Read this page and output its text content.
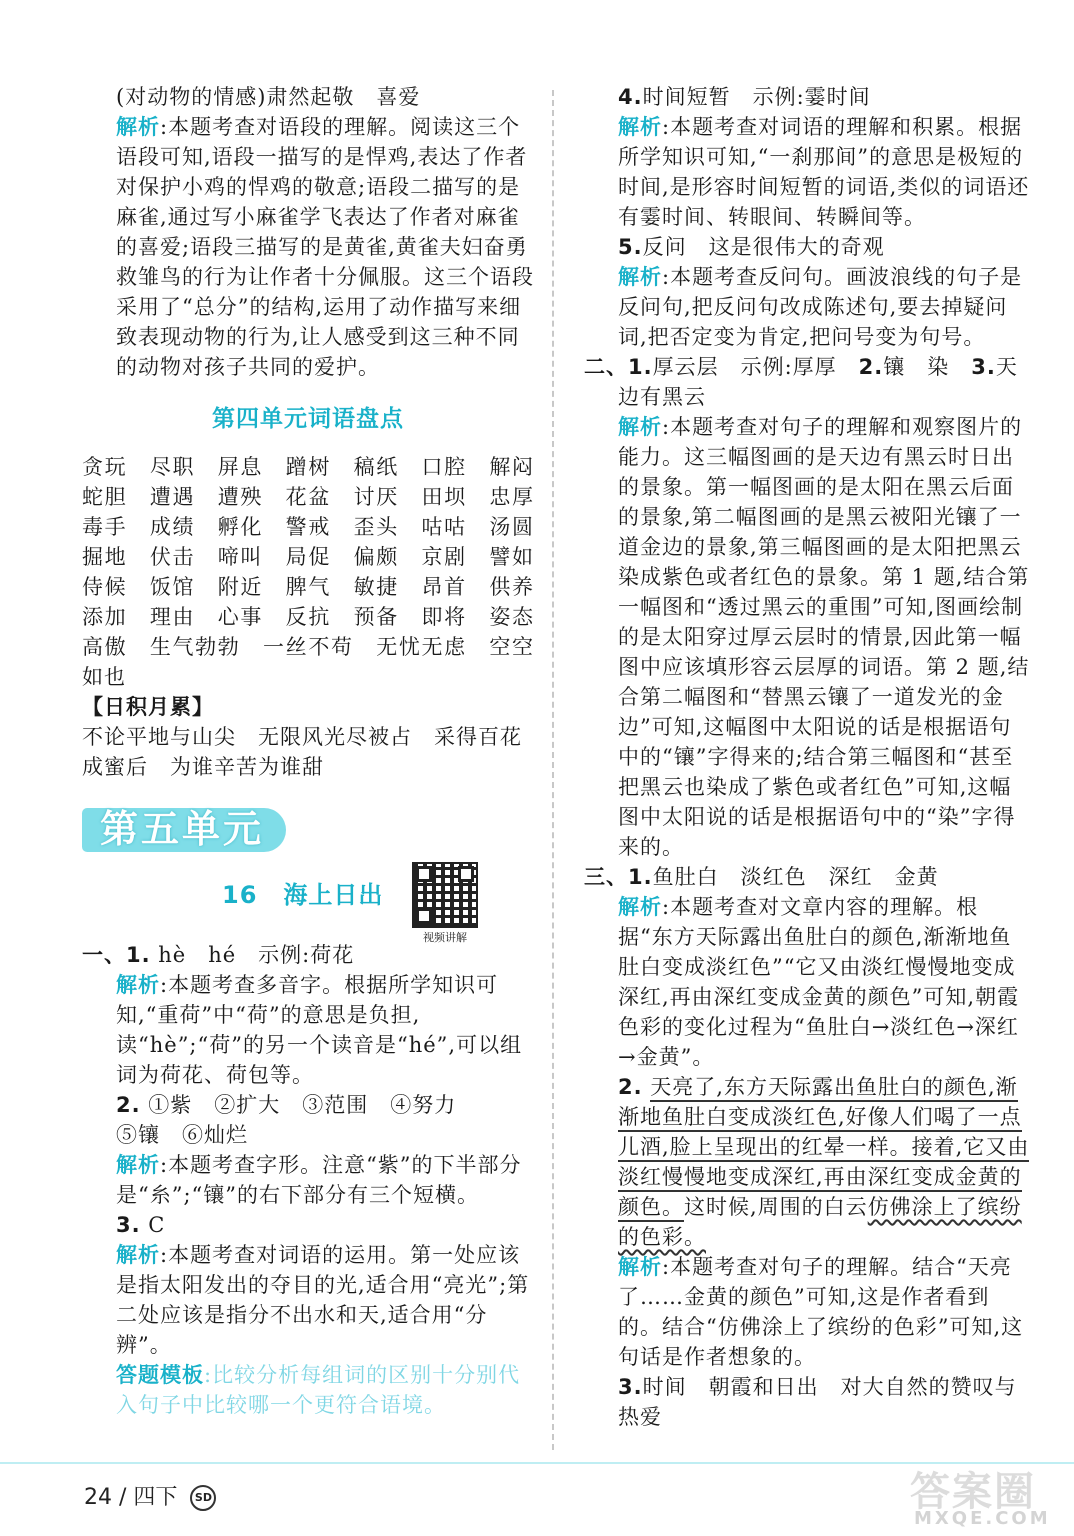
(对动物的情感)肃然起敬　喜爱

解析:本题考查对语段的理解。阅读这三个语段可知,语段一描写的是悍鸡,表达了作者对保护小鸡的悍鸡的敬意;语段二描写的是麻雀,通过写小麻雀学飞表达了作者对麻雀的喜爱;语段三描写的是黄雀,黄雀夫妇奋勇救雏鸟的行为让作者十分佩服。这三个语段采用了“总分”的结构,运用了动作描写来细致表现动物的行为,让人感受到这三种不同的动物对孩子共同的爱护。

第四单元词语盘点

贪玩　尽职　屏息　蹭树　稿纸　口腔　解闷　蛇胆　遭遇　遭殃　花盆　讨厌　田坝　忠厚　毒手　成绩　孵化　警戒　歪头　咕咕　汤圆　掘地　伏击　啼叫　局促　偏颇　京剧　譬如　侍候　饭馆　附近　脾气　敏捷　昂首　供养　添加　理由　心事　反抗　预备　即将　姿态　高傲　生气勃勃　一丝不苟　无忧无虑　空空如也

【日积月累】

不论平地与山尖　无限风光尽被占　采得百花成蜜后　为谁辛苦为谁甜

第五单元
16 海上日出
视频讲解

一、1. hè　hé　示例:荷花

解析:本题考查多音字。根据所学知识可知,“重荷”中“荷”的意思是负担,读“hè”;“荷”的另一个读音是“hé”,可以组词为荷花、荷包等。

2. ①紫　②扩大　③范围　④努力

⑤镶　⑥灿烂

解析:本题考查字形。注意“紫”的下半部分是“糸”;“镶”的右下部分有三个短横。

3. C

解析:本题考查对词语的运用。第一处应该是指太阳发出的夺目的光,适合用“亮光”;第二处应该是指分不出水和天,适合用“分辨”。

答题模板:比较分析每组词的区别十分别代入句子中比较哪一个更符合语境。

4.时间短暂　示例:霎时间

解析:本题考查对词语的理解和积累。根据所学知识可知,“一刹那间”的意思是极短的时间,是形容时间短暂的词语,类似的词语还有霎时间、转眼间、转瞬间等。

5.反问　这是很伟大的奇观

解析:本题考查反问句。画波浪线的句子是反问句,把反问句改成陈述句,要去掉疑问词,把否定变为肯定,把问号变为句号。

二、1.厚云层　示例:厚厚　2.镶　染　3.天边有黑云

解析:本题考查对句子的理解和观察图片的能力。这三幅图画的是天边有黑云时日出的景象。第一幅图画的是太阳在黑云后面的景象,第二幅图画的是黑云被阳光镶了一道金边的景象,第三幅图画的是太阳把黑云染成紫色或者红色的景象。第 1 题,结合第一幅图和“透过黑云的重围”可知,图画绘制的是太阳穿过厚云层时的情景,因此第一幅图中应该填形容云层厚的词语。第 2 题,结合第二幅图和“替黑云镶了一道发光的金边”可知,这幅图中太阳说的话是根据语句中的“镶”字得来的;结合第三幅图和“甚至把黑云也染成了紫色或者红色”可知,这幅图中太阳说的话是根据语句中的“染”字得来的。

三、1.鱼肚白　淡红色　深红　金黄

解析:本题考查对文章内容的理解。根据“东方天际露出鱼肚白的颜色,渐渐地鱼肚白变成淡红色”“它又由淡红慢慢地变成深红,再由深红变成金黄的颜色”可知,朝霞色彩的变化过程为“鱼肚白→淡红色→深红→金黄”。

2. 天亮了,东方天际露出鱼肚白的颜色,渐渐地鱼肚白变成淡红色,好像人们喝了一点儿酒,脸上呈现出的红晕一样。接着,它又由淡红慢慢地变成深红,再由深红变成金黄的颜色。这时候,周围的白云仿佛涂上了缤纷的色彩。

解析:本题考查对句子的理解。结合“天亮了……金黄的颜色”可知,这是作者看到的。结合“仿佛涂上了缤纷的色彩”可知,这句话是作者想象的。

3.时间　朝霞和日出　对大自然的赞叹与热爱

24 / 四下 SD	答案圈
MXQE.COM
